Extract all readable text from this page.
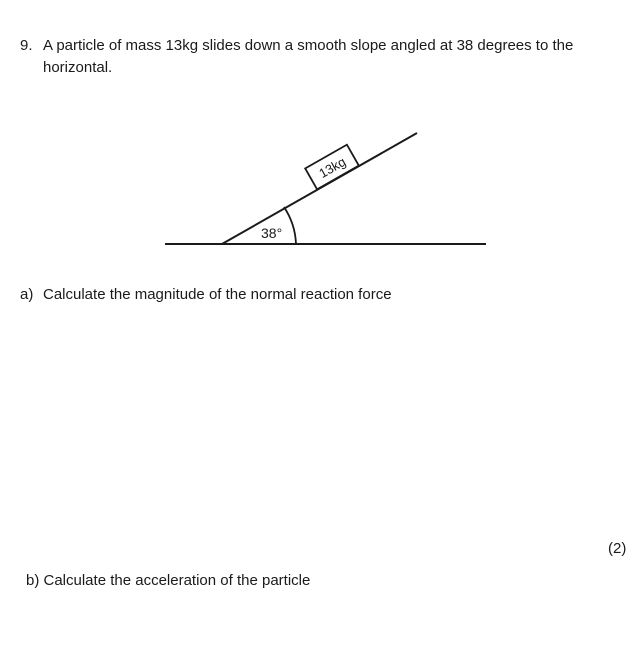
9. A particle of mass 13kg slides down a smooth slope angled at 38 degrees to the
horizontal.
38°
13kg
a) Calculate the magnitude of the normal reaction force
(2)
b) Calculate the acceleration of the particle
